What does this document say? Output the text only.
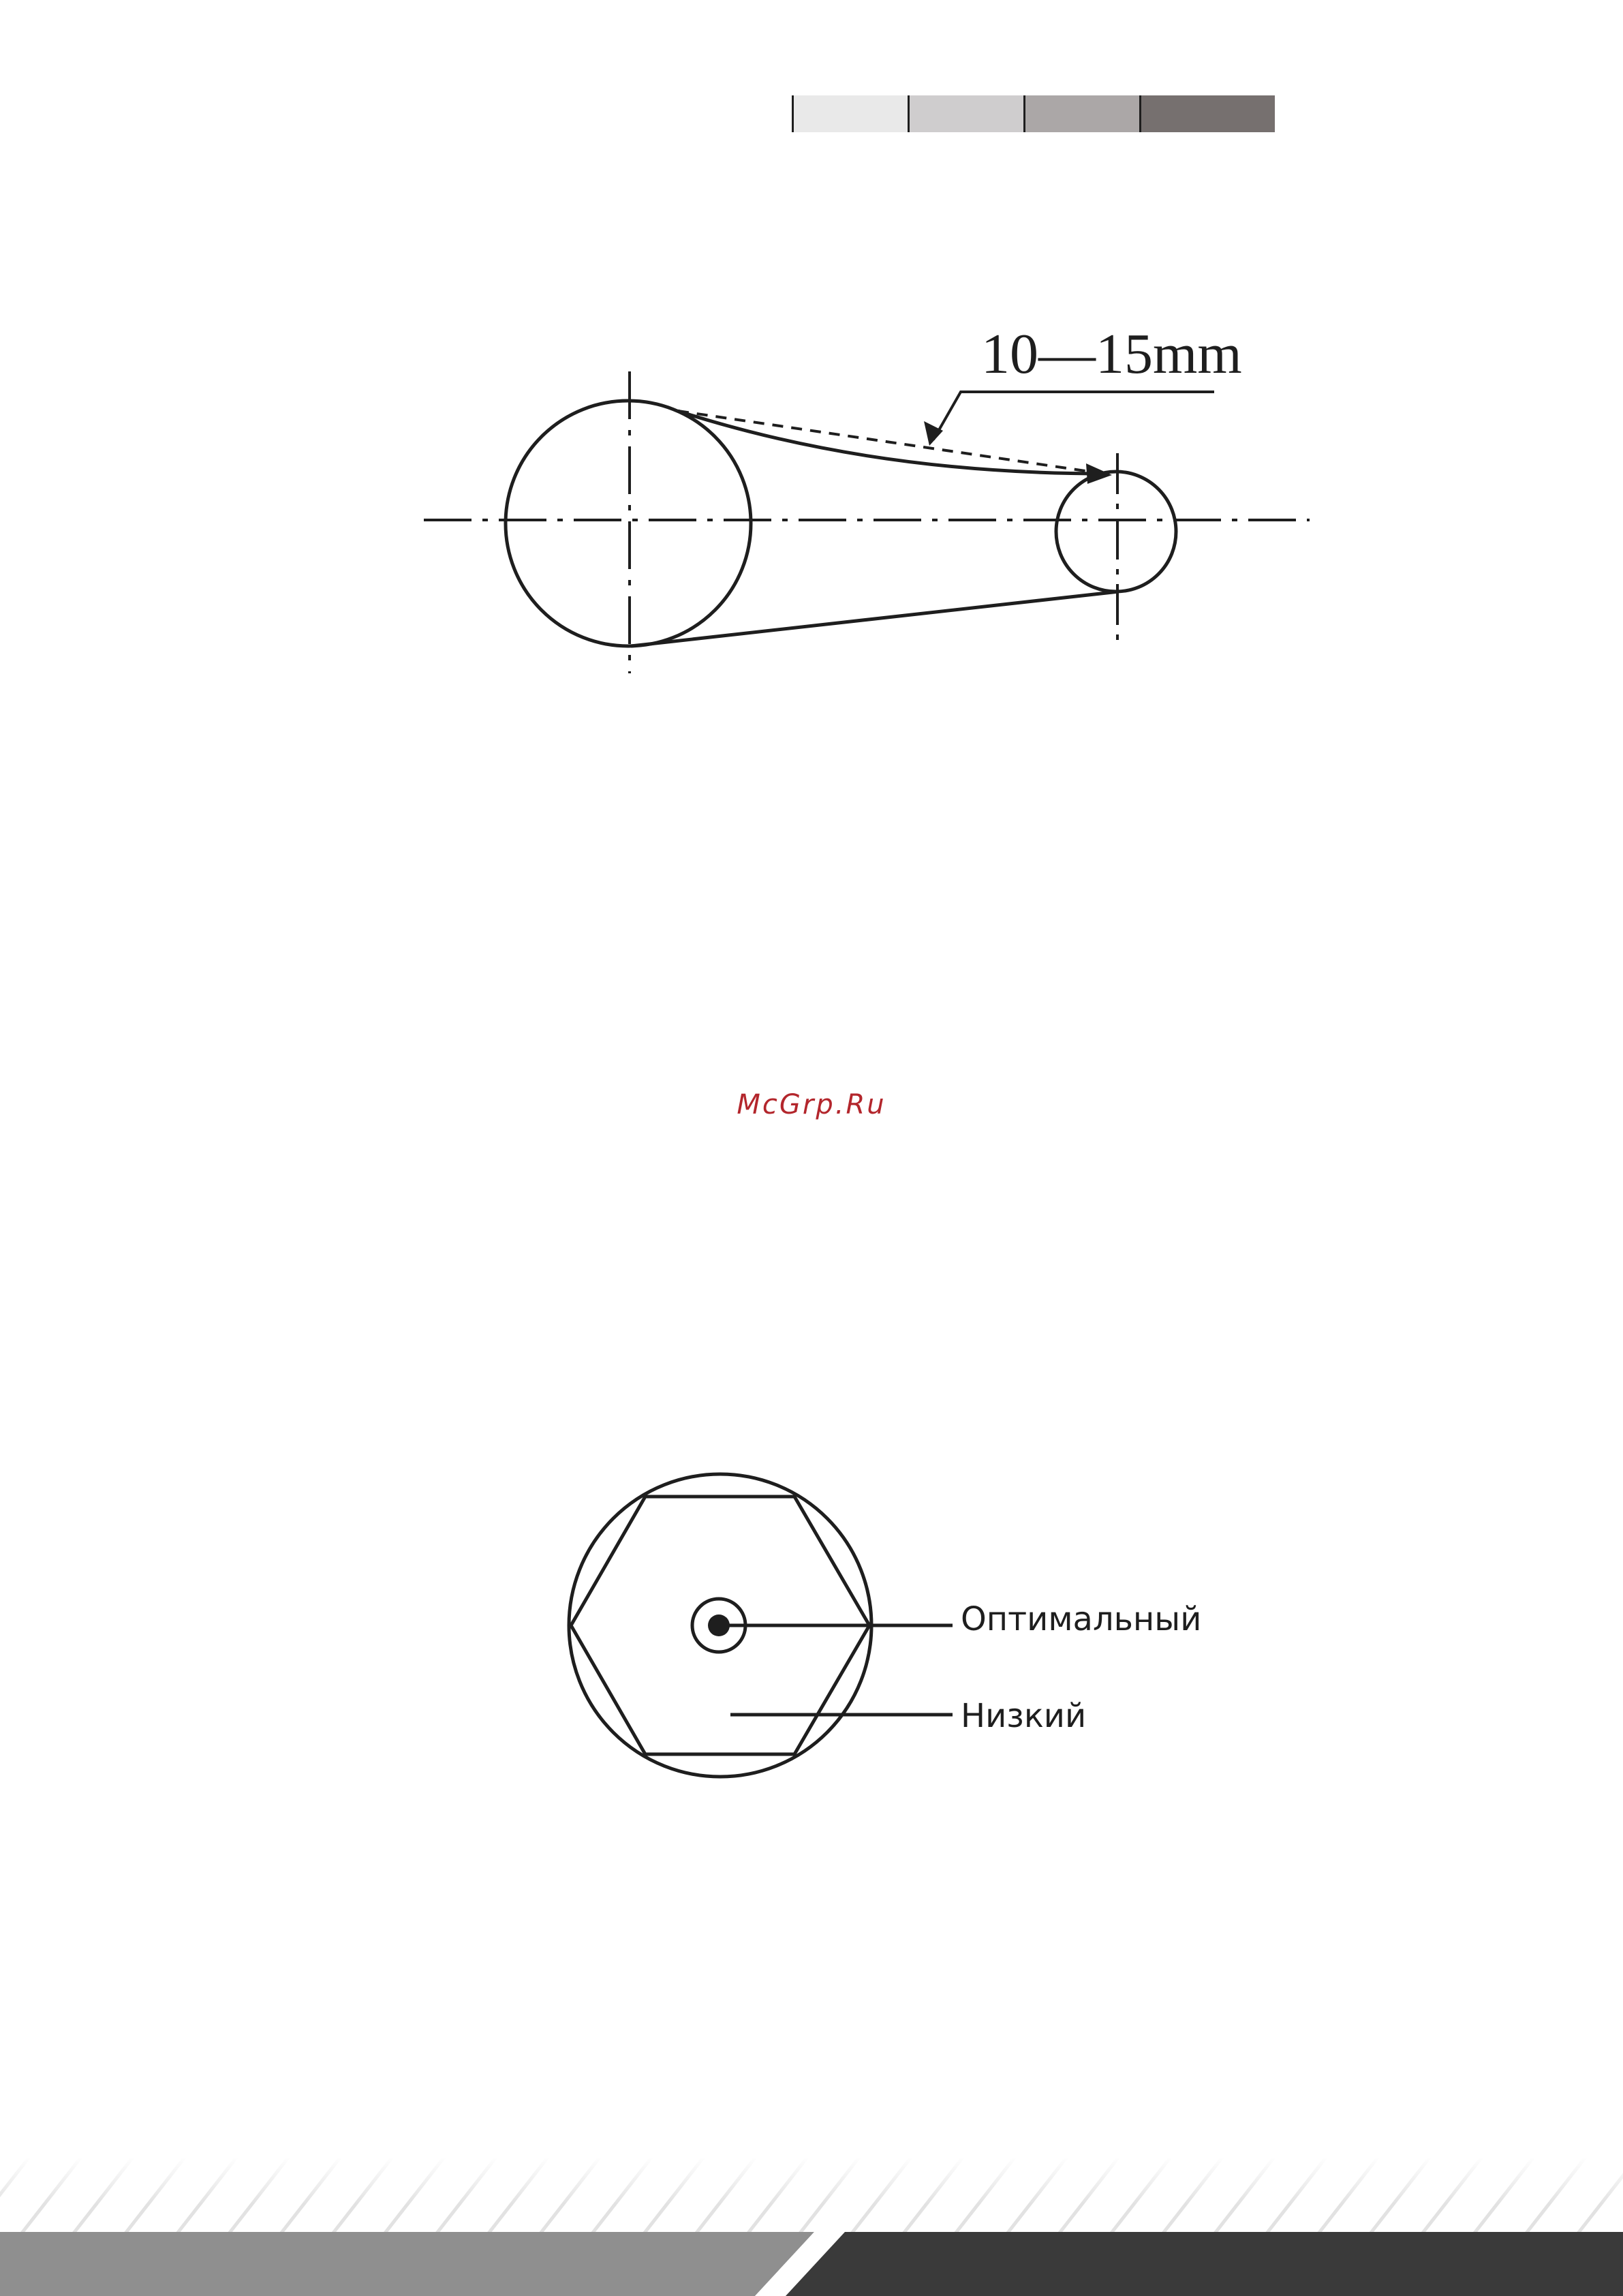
10—15mm
McGrp.Ru
Оптимальный
Низкий
